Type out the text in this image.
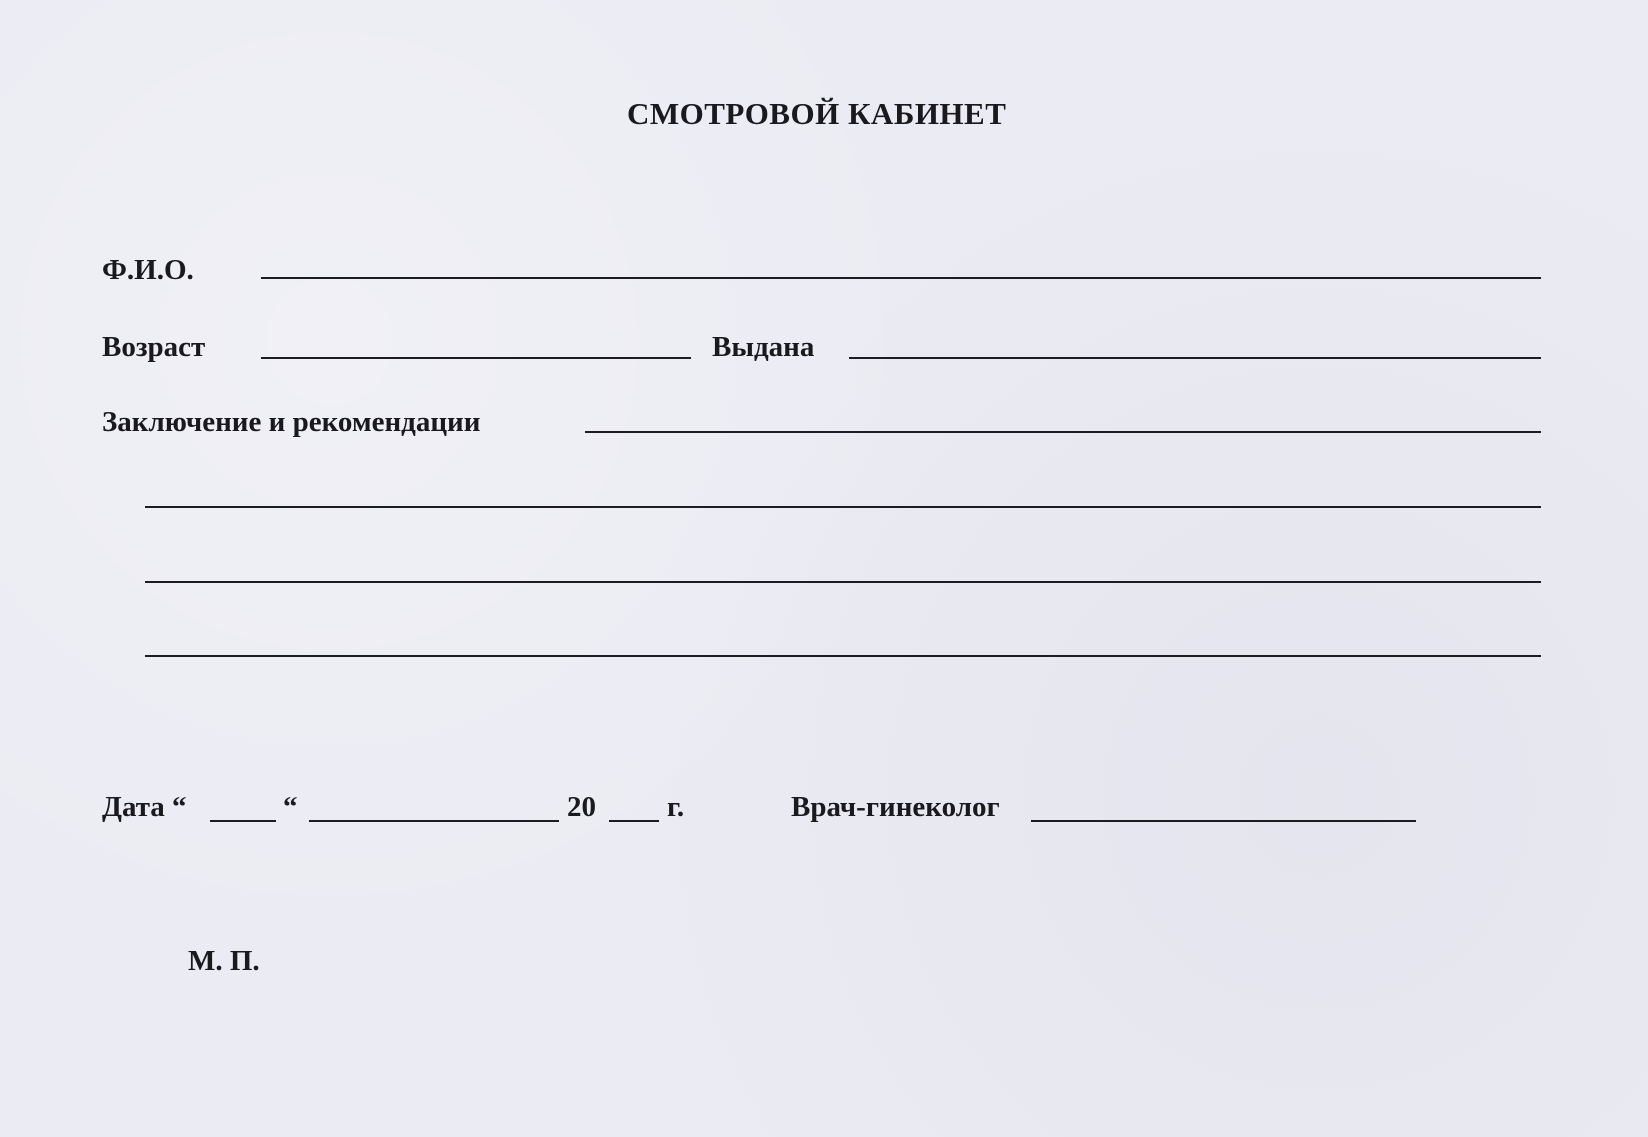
СМОТРОВОЙ КАБИНЕТ
Ф.И.О.
Возраст	Выдана
Заключение и рекомендации
Дата “	“	20 г.	Врач-гинеколог
М. П.
